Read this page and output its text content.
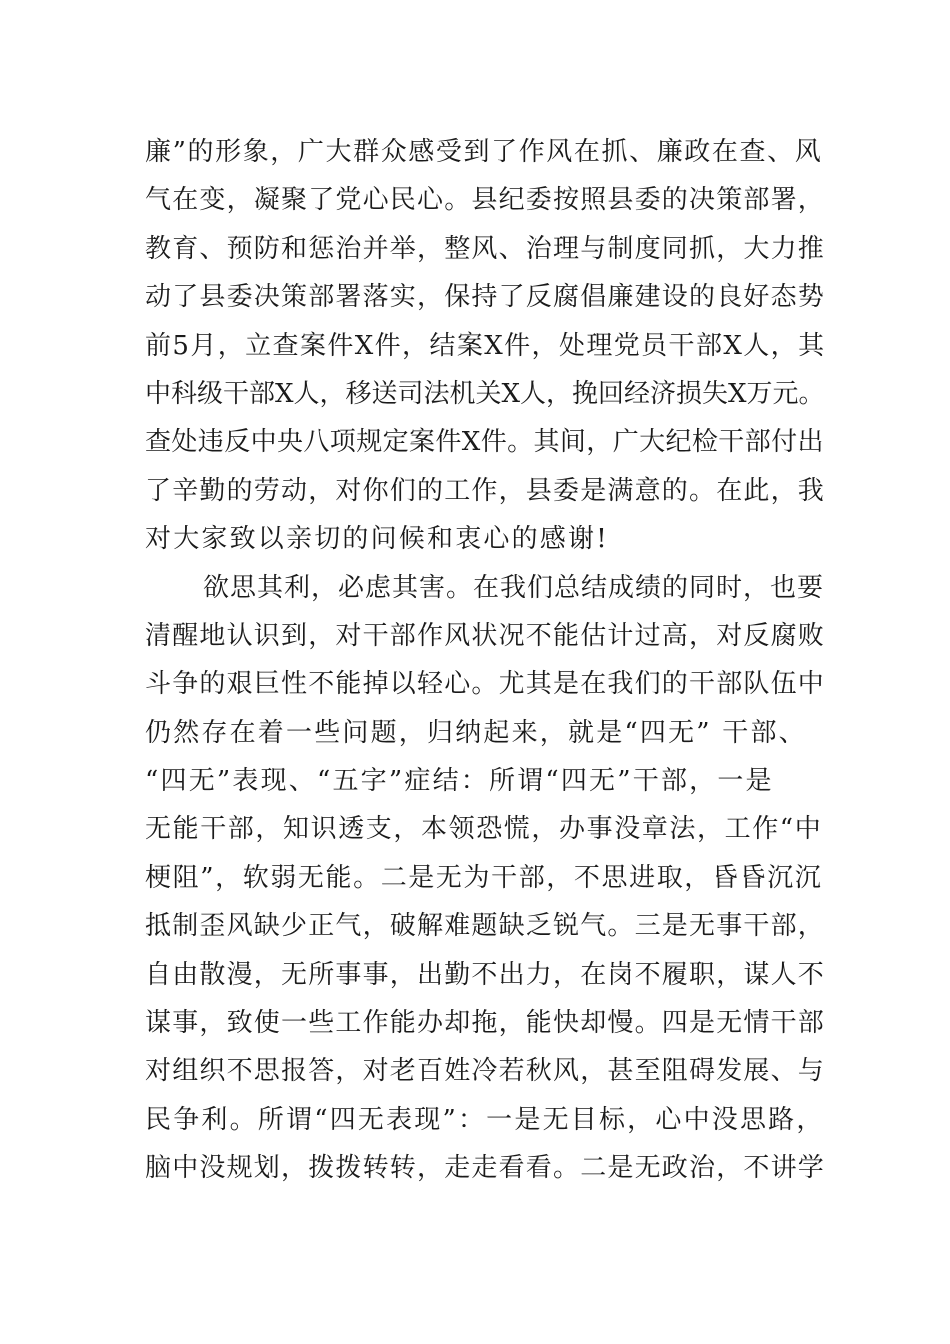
廉”的形象，广大群众感受到了作风在抓、廉政在查、风
气在变，凝聚了党心民心。县纪委按照县委的决策部署，
教育、预防和惩治并举，整风、治理与制度同抓，大力推
动了县委决策部署落实，保持了反腐倡廉建设的良好态势
前5月，立查案件X件，结案X件，处理党员干部X人，其
中科级干部X人，移送司法机关X人，挽回经济损失X万元。
查处违反中央八项规定案件X件。其间，广大纪检干部付出
了辛勤的劳动，对你们的工作，县委是满意的。在此，我
对大家致以亲切的问候和衷心的感谢!
欲思其利，必虑其害。在我们总结成绩的同时，也要
清醒地认识到，对干部作风状况不能估计过高，对反腐败
斗争的艰巨性不能掉以轻心。尤其是在我们的干部队伍中
仍然存在着一些问题，归纳起来，就是“四无” 干部、
“四无”表现、“五字”症结：所谓“四无”干部，一是
无能干部，知识透支，本领恐慌，办事没章法，工作“中
梗阻”，软弱无能。二是无为干部，不思进取，昏昏沉沉
抵制歪风缺少正气，破解难题缺乏锐气。三是无事干部，
自由散漫，无所事事，出勤不出力，在岗不履职，谋人不
谋事，致使一些工作能办却拖，能快却慢。四是无情干部
对组织不思报答，对老百姓冷若秋风，甚至阻碍发展、与
民争利。所谓“四无表现”：一是无目标，心中没思路，
脑中没规划，拨拨转转，走走看看。二是无政治，不讲学
